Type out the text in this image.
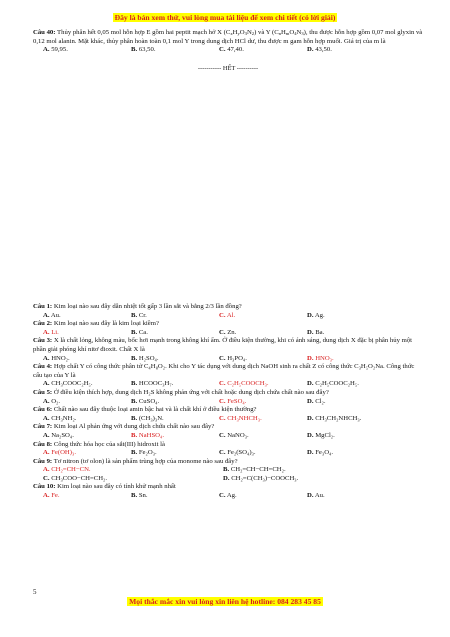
Đây là bản xem thử, vui lòng mua tài liệu để xem chi tiết (có lời giải)
Câu 40: Thủy phân hết 0,05 mol hỗn hợp E gồm hai peptit mạch hở X $(C_xH_yO_3N_2)$ và Y $(C_nH_mO_4N_3)$, thu được hỗn hợp gồm 0,07 mol glyxin và 0,12 mol alanin. Mặt khác, thủy phân hoàn toàn 0,1 mol Y trong dung dịch HCl dư, thu được m gam hỗn hợp muối. Giá trị của m là
A. 59,95.	B. 63,50.	C. 47,40.	D. 43,50.
----------- HẾT ----------
Câu 1: Kim loại nào sau đây dẫn nhiệt tốt gấp 3 lần sắt và bằng 2/3 lần đồng?
A. Au.	B. Cr.	C. Al.	D. Ag.
Câu 2: Kim loại nào sau đây là kim loại kiềm?
A. Li.	B. Ca.	C. Zn.	D. Ba.
Câu 3: X là chất lỏng, không màu, bốc hơi mạnh trong không khí ẩm. Ở điều kiện thường, khi có ánh sáng, dung dịch X đặc bị phân hủy một phần giải phóng khí nitơ đioxit. Chất X là
A. HNO₂.	B. H₂SO₄.	C. H₃PO₄.	D. HNO₃.
Câu 4: Hợp chất Y có công thức phân tử C₄H₈O₂. Khi cho Y tác dụng với dung dịch NaOH sinh ra chất Z có công thức C₃H₅O₂Na. Công thức cấu tạo của Y là
A. CH₃COOC₂H₅.	B. HCOOC₃H₇.	C. C₂H₅COOCH₃.	D. C₂H₅COOC₂H₅.
Câu 5: Ở điều kiện thích hợp, dung dịch H₂S không phản ứng với chất hoặc dung dịch chứa chất nào sau đây?
A. O₂.	B. CuSO₄.	C. FeSO₄.	D. Cl₂.
Câu 6: Chất nào sau đây thuộc loại amin bậc hai và là chất khí ở điều kiện thường?
A. CH₃NH₂.	B. (CH₃)₃N.	C. CH₃NHCH₃.	D. CH₃CH₂NHCH₃.
Câu 7: Kim loại Al phản ứng với dung dịch chứa chất nào sau đây?
A. Na₂SO₄.	B. NaHSO₄.	C. NaNO₃.	D. MgCl₂.
Câu 8: Công thức hóa học của sắt(III) hidroxit là
A. Fe(OH)₃.	B. Fe₂O₃.	C. Fe₂(SO₄)₃.	D. Fe₃O₄.
Câu 9: Tơ nitron (tơ olon) là sản phẩm trùng hợp của monome nào sau đây?
A. CH₂=CH−CN.	B. CH₂=CH−CH=CH₂.
C. CH₃COO−CH=CH₂.	D. CH₂=C(CH₃)−COOCH₃.
Câu 10: Kim loại nào sau đây có tính khử mạnh nhất
A. Fe.	B. Sn.	C. Ag.	D. Au.
5
Mọi thắc mắc xin vui lòng xin liên hệ hotline: 084 283 45 85
